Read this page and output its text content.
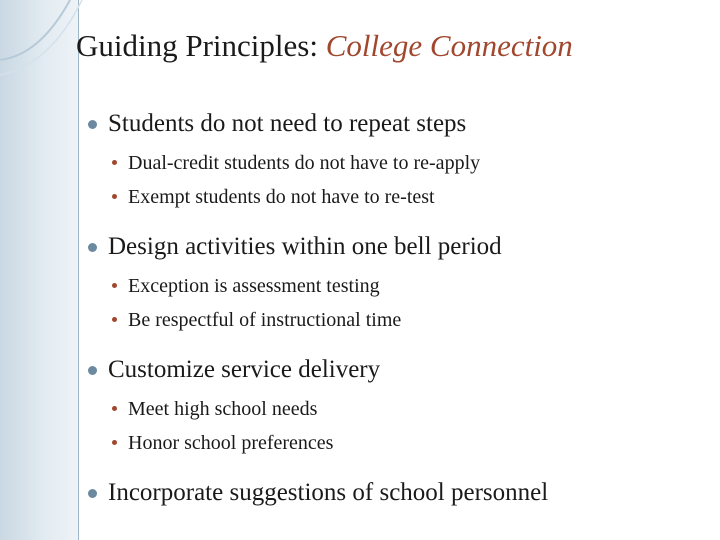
Guiding Principles: College Connection
Students do not need to repeat steps
Dual-credit students do not have to re-apply
Exempt students do not have to re-test
Design activities within one bell period
Exception is assessment testing
Be respectful of instructional time
Customize service delivery
Meet high school needs
Honor school preferences
Incorporate suggestions of school personnel
